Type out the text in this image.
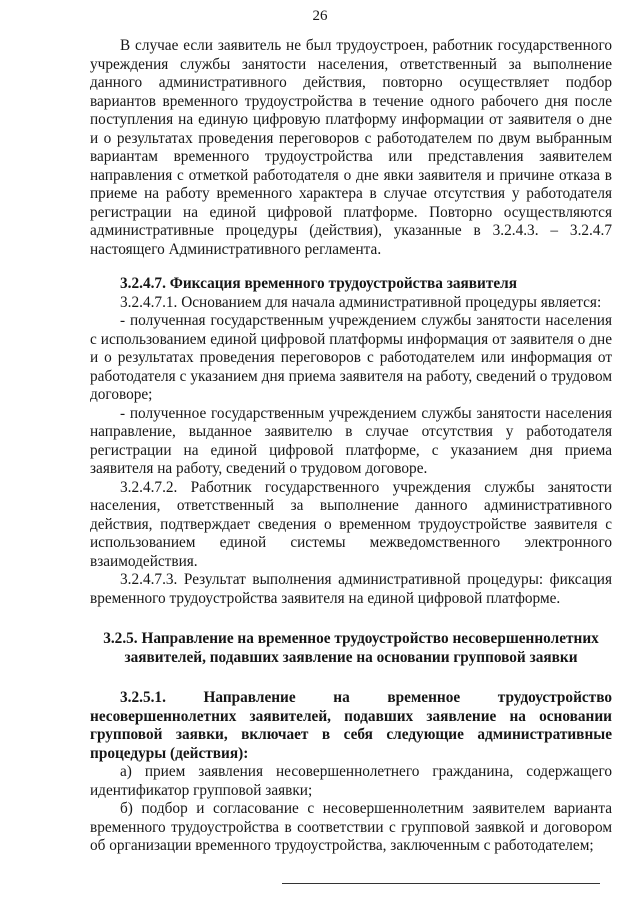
26

В случае если заявитель не был трудоустроен, работник государственного учреждения службы занятости населения, ответственный за выполнение данного административного действия, повторно осуществляет подбор вариантов временного трудоустройства в течение одного рабочего дня после поступления на единую цифровую платформу информации от заявителя о дне и о результатах проведения переговоров с работодателем по двум выбранным вариантам временного трудоустройства или представления заявителем направления с отметкой работодателя о дне явки заявителя и причине отказа в приеме на работу временного характера в случае отсутствия у работодателя регистрации на единой цифровой платформе. Повторно осуществляются административные процедуры (действия), указанные в 3.2.4.3. – 3.2.4.7 настоящего Административного регламента.

3.2.4.7. Фиксация временного трудоустройства заявителя

3.2.4.7.1. Основанием для начала административной процедуры является:

- полученная государственным учреждением службы занятости населения с использованием единой цифровой платформы информация от заявителя о дне и о результатах проведения переговоров с работодателем или информация от работодателя с указанием дня приема заявителя на работу, сведений о трудовом договоре;

- полученное государственным учреждением службы занятости населения направление, выданное заявителю в случае отсутствия у работодателя регистрации на единой цифровой платформе, с указанием дня приема заявителя на работу, сведений о трудовом договоре.

3.2.4.7.2. Работник государственного учреждения службы занятости населения, ответственный за выполнение данного административного действия, подтверждает сведения о временном трудоустройстве заявителя с использованием единой системы межведомственного электронного взаимодействия.

3.2.4.7.3. Результат выполнения административной процедуры: фиксация временного трудоустройства заявителя на единой цифровой платформе.

3.2.5. Направление на временное трудоустройство несовершеннолетних заявителей, подавших заявление на основании групповой заявки

3.2.5.1. Направление на временное трудоустройство несовершеннолетних заявителей, подавших заявление на основании групповой заявки, включает в себя следующие административные процедуры (действия):

а) прием заявления несовершеннолетнего гражданина, содержащего идентификатор групповой заявки;

б) подбор и согласование с несовершеннолетним заявителем варианта временного трудоустройства в соответствии с групповой заявкой и договором об организации временного трудоустройства, заключенным с работодателем;
